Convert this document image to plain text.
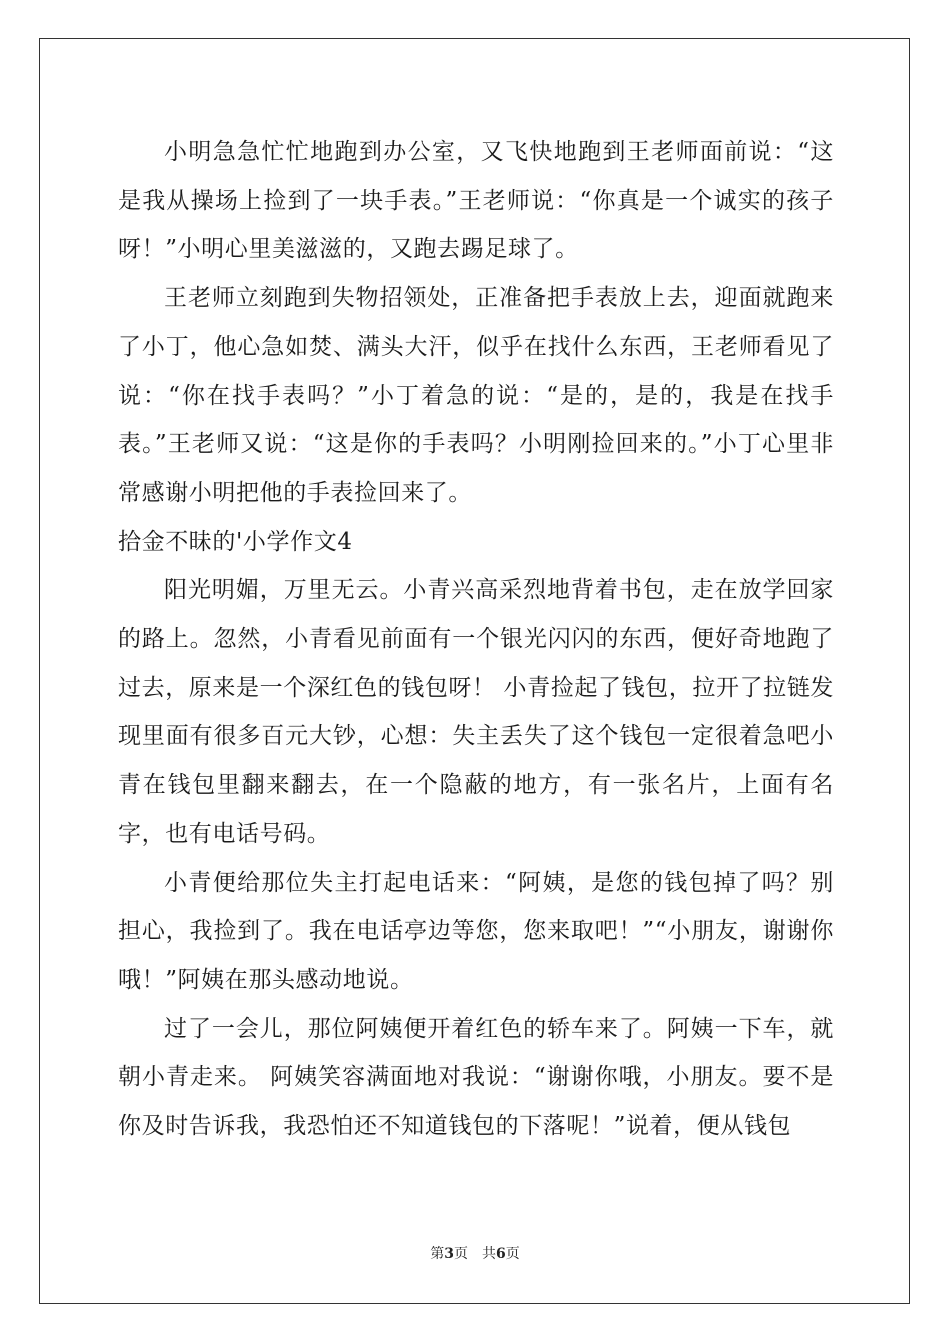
小明急急忙忙地跑到办公室，又飞快地跑到王老师面前说：“这是我从操场上捡到了一块手表。”王老师说：“你真是一个诚实的孩子呀！”小明心里美滋滋的，又跑去踢足球了。

王老师立刻跑到失物招领处，正准备把手表放上去，迎面就跑来了小丁，他心急如焚、满头大汗，似乎在找什么东西，王老师看见了说：“你在找手表吗？”小丁着急的说：“是的，是的，我是在找手表。”王老师又说：“这是你的手表吗？小明刚捡回来的。”小丁心里非常感谢小明把他的手表捡回来了。

拾金不昧的'小学作文4

阳光明媚，万里无云。小青兴高采烈地背着书包，走在放学回家的路上。忽然，小青看见前面有一个银光闪闪的东西，便好奇地跑了过去，原来是一个深红色的钱包呀！ 小青捡起了钱包，拉开了拉链发现里面有很多百元大钞，心想：失主丢失了这个钱包一定很着急吧小青在钱包里翻来翻去，在一个隐蔽的地方，有一张名片，上面有名字，也有电话号码。

小青便给那位失主打起电话来：“阿姨，是您的钱包掉了吗？别担心，我捡到了。我在电话亭边等您，您来取吧！”“小朋友，谢谢你哦！”阿姨在那头感动地说。

过了一会儿，那位阿姨便开着红色的轿车来了。阿姨一下车，就朝小青走来。 阿姨笑容满面地对我说：“谢谢你哦，小朋友。要不是你及时告诉我，我恐怕还不知道钱包的下落呢！”说着，便从钱包

第3页 共6页
